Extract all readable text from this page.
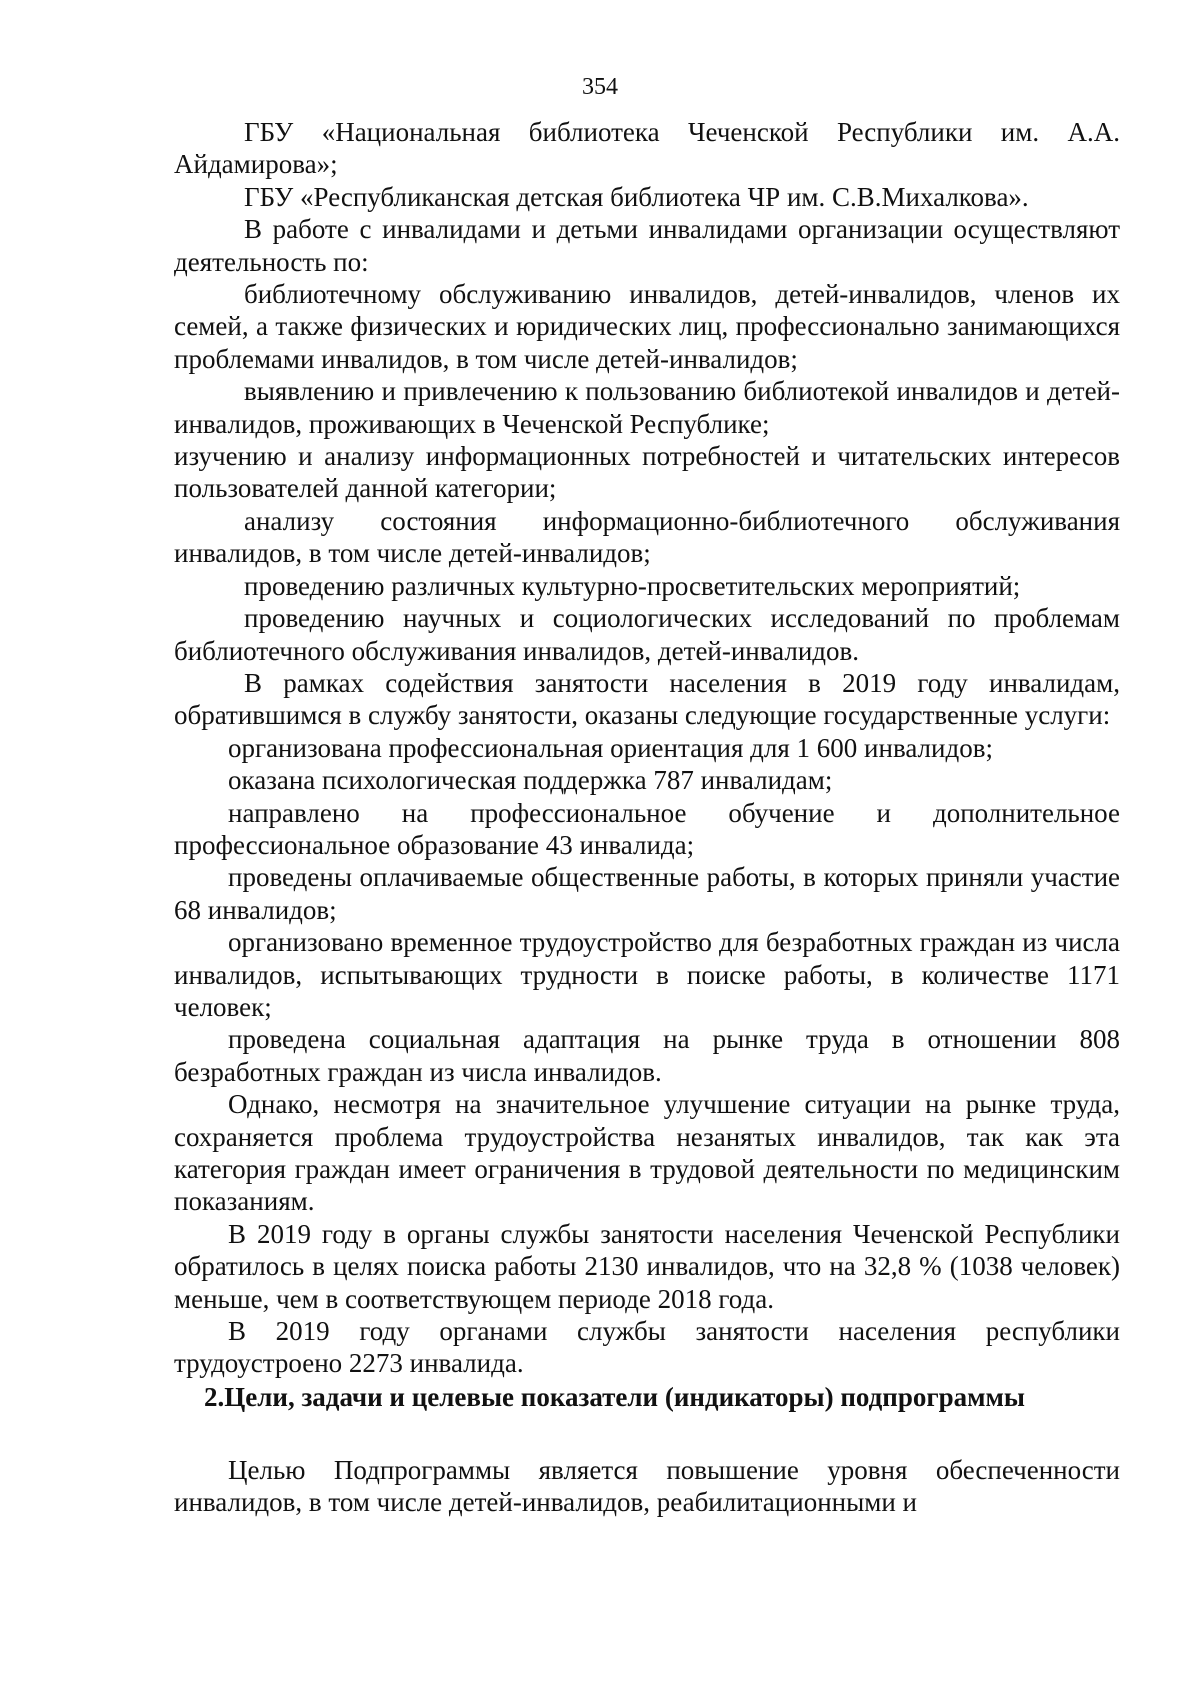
354

ГБУ «Национальная библиотека Чеченской Республики им. А.А. Айдамирова»;

ГБУ «Республиканская детская библиотека ЧР им. С.В.Михалкова».

В работе с инвалидами и детьми инвалидами организации осуществляют деятельность по:

библиотечному обслуживанию инвалидов, детей-инвалидов, членов их семей, а также физических и юридических лиц, профессионально занимающихся проблемами инвалидов, в том числе детей-инвалидов;

выявлению и привлечению к пользованию библиотекой инвалидов и детей-инвалидов, проживающих в Чеченской Республике;

изучению и анализу информационных потребностей и читательских интересов пользователей данной категории;

анализу состояния информационно-библиотечного обслуживания инвалидов, в том числе детей-инвалидов;

проведению различных культурно-просветительских мероприятий;

проведению научных и социологических исследований по проблемам библиотечного обслуживания инвалидов, детей-инвалидов.

В рамках содействия занятости населения в 2019 году инвалидам, обратившимся в службу занятости, оказаны следующие государственные услуги:

организована профессиональная ориентация для 1 600 инвалидов;

оказана психологическая поддержка 787 инвалидам;

направлено на профессиональное обучение и дополнительное профессиональное образование 43 инвалида;

проведены оплачиваемые общественные работы, в которых приняли участие 68 инвалидов;

организовано временное трудоустройство для безработных граждан из числа инвалидов, испытывающих трудности в поиске работы, в количестве 1171 человек;

проведена социальная адаптация на рынке труда в отношении 808 безработных граждан из числа инвалидов.

Однако, несмотря на значительное улучшение ситуации на рынке труда, сохраняется проблема трудоустройства незанятых инвалидов, так как эта категория граждан имеет ограничения в трудовой деятельности по медицинским показаниям.

В 2019 году в органы службы занятости населения Чеченской Республики обратилось в целях поиска работы 2130 инвалидов, что на 32,8 % (1038 человек) меньше, чем в соответствующем периоде 2018 года.

В 2019 году органами службы занятости населения республики трудоустроено 2273 инвалида.

2.Цели, задачи и целевые показатели (индикаторы) подпрограммы

Целью Подпрограммы является повышение уровня обеспеченности инвалидов, в том числе детей-инвалидов, реабилитационными и
